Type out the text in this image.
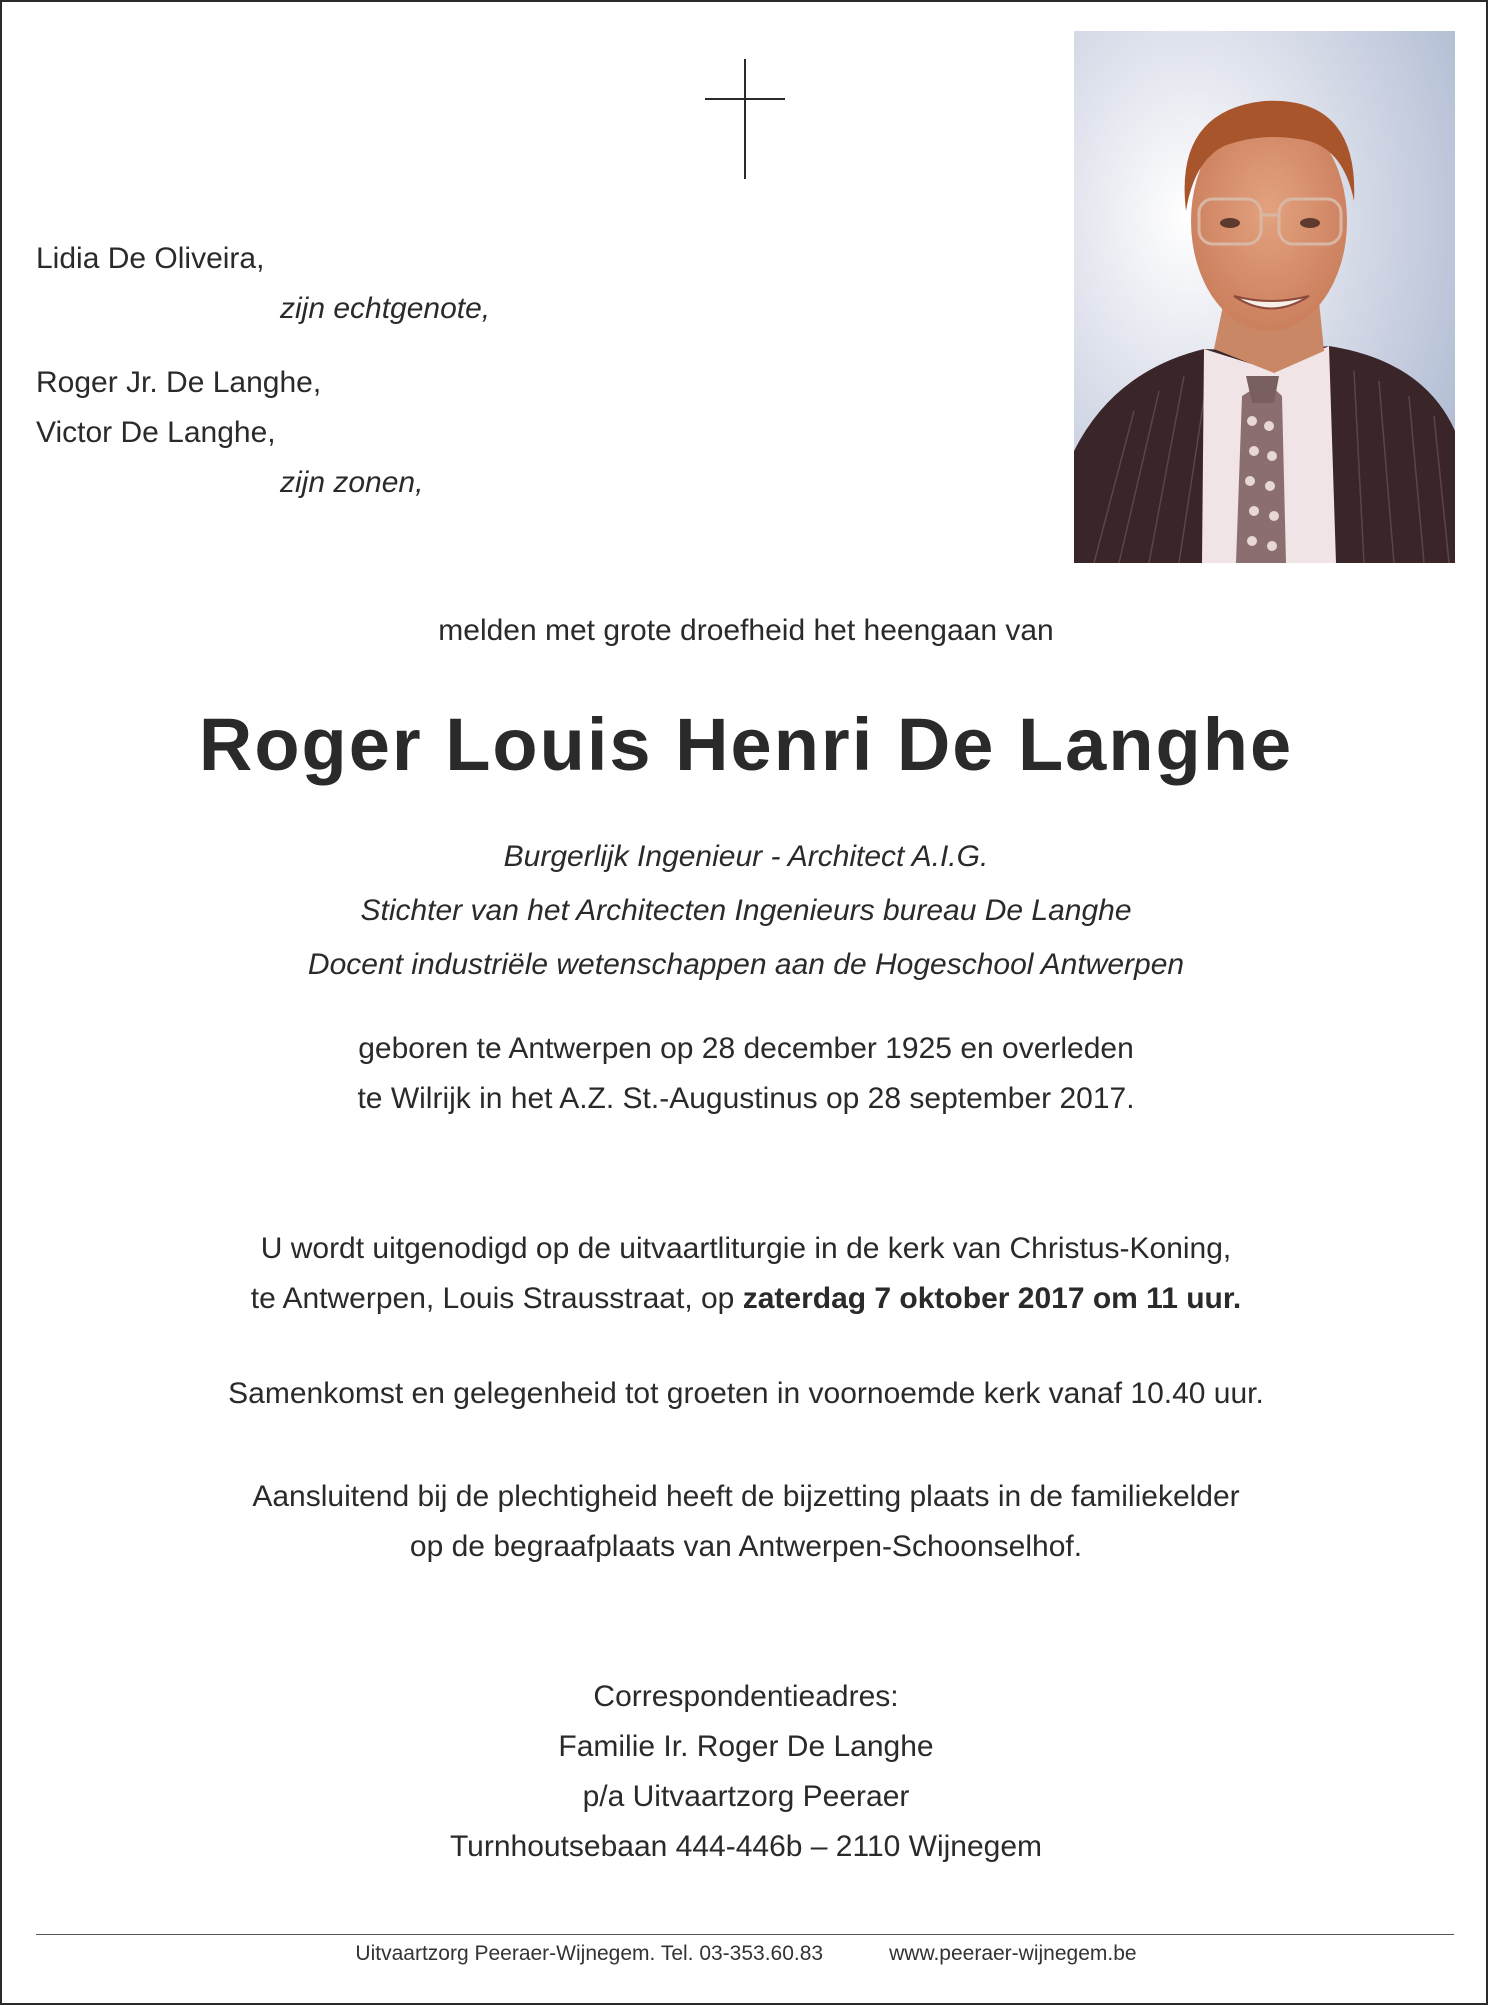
Lidia De Oliveira,
zijn echtgenote,
Roger Jr. De Langhe,
Victor De Langhe,
zijn zonen,
melden met grote droefheid het heengaan van
Roger Louis Henri De Langhe
Burgerlijk Ingenieur - Architect A.I.G.
Stichter van het Architecten Ingenieurs bureau De Langhe
Docent industriële wetenschappen aan de Hogeschool Antwerpen
geboren te Antwerpen op 28 december 1925 en overleden
te Wilrijk in het A.Z. St.-Augustinus op 28 september 2017.
U wordt uitgenodigd op de uitvaartliturgie in de kerk van Christus-Koning,
te Antwerpen, Louis Strausstraat, op zaterdag 7 oktober 2017 om 11 uur.
Samenkomst en gelegenheid tot groeten in voornoemde kerk vanaf 10.40 uur.
Aansluitend bij de plechtigheid heeft de bijzetting plaats in de familiekelder
op de begraafplaats van Antwerpen-Schoonselhof.
Correspondentieadres:
Familie Ir. Roger De Langhe
p/a Uitvaartzorg Peeraer
Turnhoutsebaan 444-446b – 2110 Wijnegem
Uitvaartzorg Peeraer-Wijnegem. Tel. 03-353.60.83	www.peeraer-wijnegem.be
